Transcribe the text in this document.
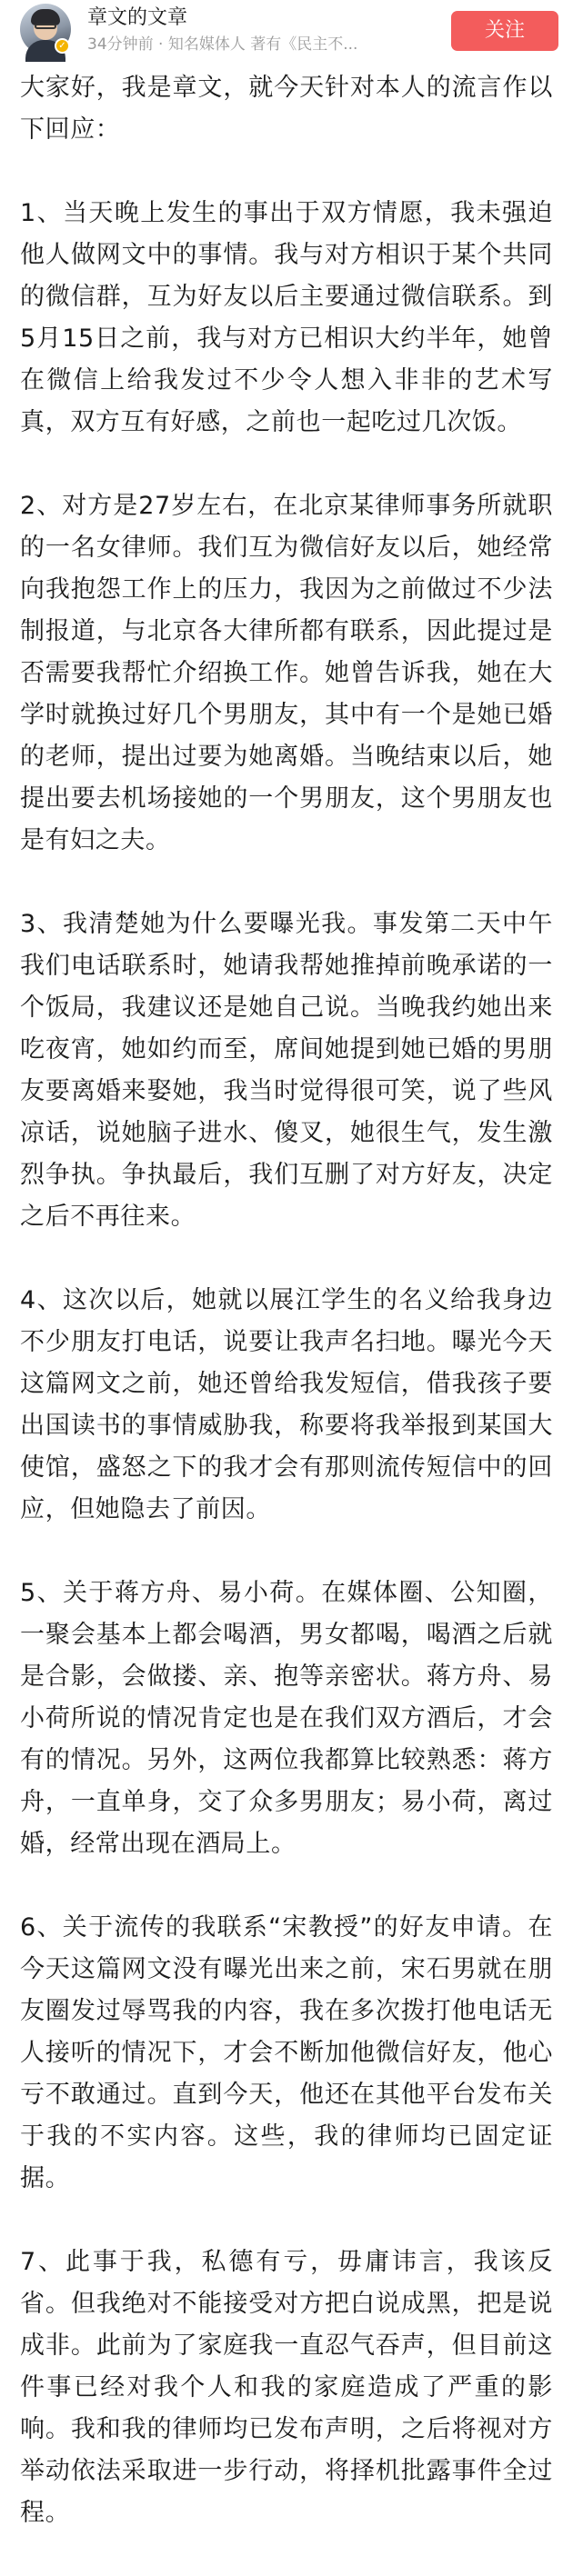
✓
章文的文章
34分钟前 · 知名媒体人 著有《民主不...
关注

大家好，我是章文，就今天针对本人的流言作以下回应：

1、当天晚上发生的事出于双方情愿，我未强迫他人做网文中的事情。我与对方相识于某个共同的微信群，互为好友以后主要通过微信联系。到5月15日之前，我与对方已相识大约半年，她曾在微信上给我发过不少令人想入非非的艺术写真，双方互有好感，之前也一起吃过几次饭。

2、对方是27岁左右，在北京某律师事务所就职的一名女律师。我们互为微信好友以后，她经常向我抱怨工作上的压力，我因为之前做过不少法制报道，与北京各大律所都有联系，因此提过是否需要我帮忙介绍换工作。她曾告诉我，她在大学时就换过好几个男朋友，其中有一个是她已婚的老师，提出过要为她离婚。当晚结束以后，她提出要去机场接她的一个男朋友，这个男朋友也是有妇之夫。

3、我清楚她为什么要曝光我。事发第二天中午我们电话联系时，她请我帮她推掉前晚承诺的一个饭局，我建议还是她自己说。当晚我约她出来吃夜宵，她如约而至，席间她提到她已婚的男朋友要离婚来娶她，我当时觉得很可笑，说了些风凉话，说她脑子进水、傻叉，她很生气，发生激烈争执。争执最后，我们互删了对方好友，决定之后不再往来。

4、这次以后，她就以展江学生的名义给我身边不少朋友打电话，说要让我声名扫地。曝光今天这篇网文之前，她还曾给我发短信，借我孩子要出国读书的事情威胁我，称要将我举报到某国大使馆，盛怒之下的我才会有那则流传短信中的回应，但她隐去了前因。

5、关于蒋方舟、易小荷。在媒体圈、公知圈，一聚会基本上都会喝酒，男女都喝，喝酒之后就是合影，会做搂、亲、抱等亲密状。蒋方舟、易小荷所说的情况肯定也是在我们双方酒后，才会有的情况。另外，这两位我都算比较熟悉：蒋方舟，一直单身，交了众多男朋友；易小荷，离过婚，经常出现在酒局上。

6、关于流传的我联系“宋教授”的好友申请。在今天这篇网文没有曝光出来之前，宋石男就在朋友圈发过辱骂我的内容，我在多次拨打他电话无人接听的情况下，才会不断加他微信好友，他心亏不敢通过。直到今天，他还在其他平台发布关于我的不实内容。这些，我的律师均已固定证据。

7、此事于我，私德有亏，毋庸讳言，我该反省。但我绝对不能接受对方把白说成黑，把是说成非。此前为了家庭我一直忍气吞声，但目前这件事已经对我个人和我的家庭造成了严重的影响。我和我的律师均已发布声明，之后将视对方举动依法采取进一步行动，将择机批露事件全过程。
